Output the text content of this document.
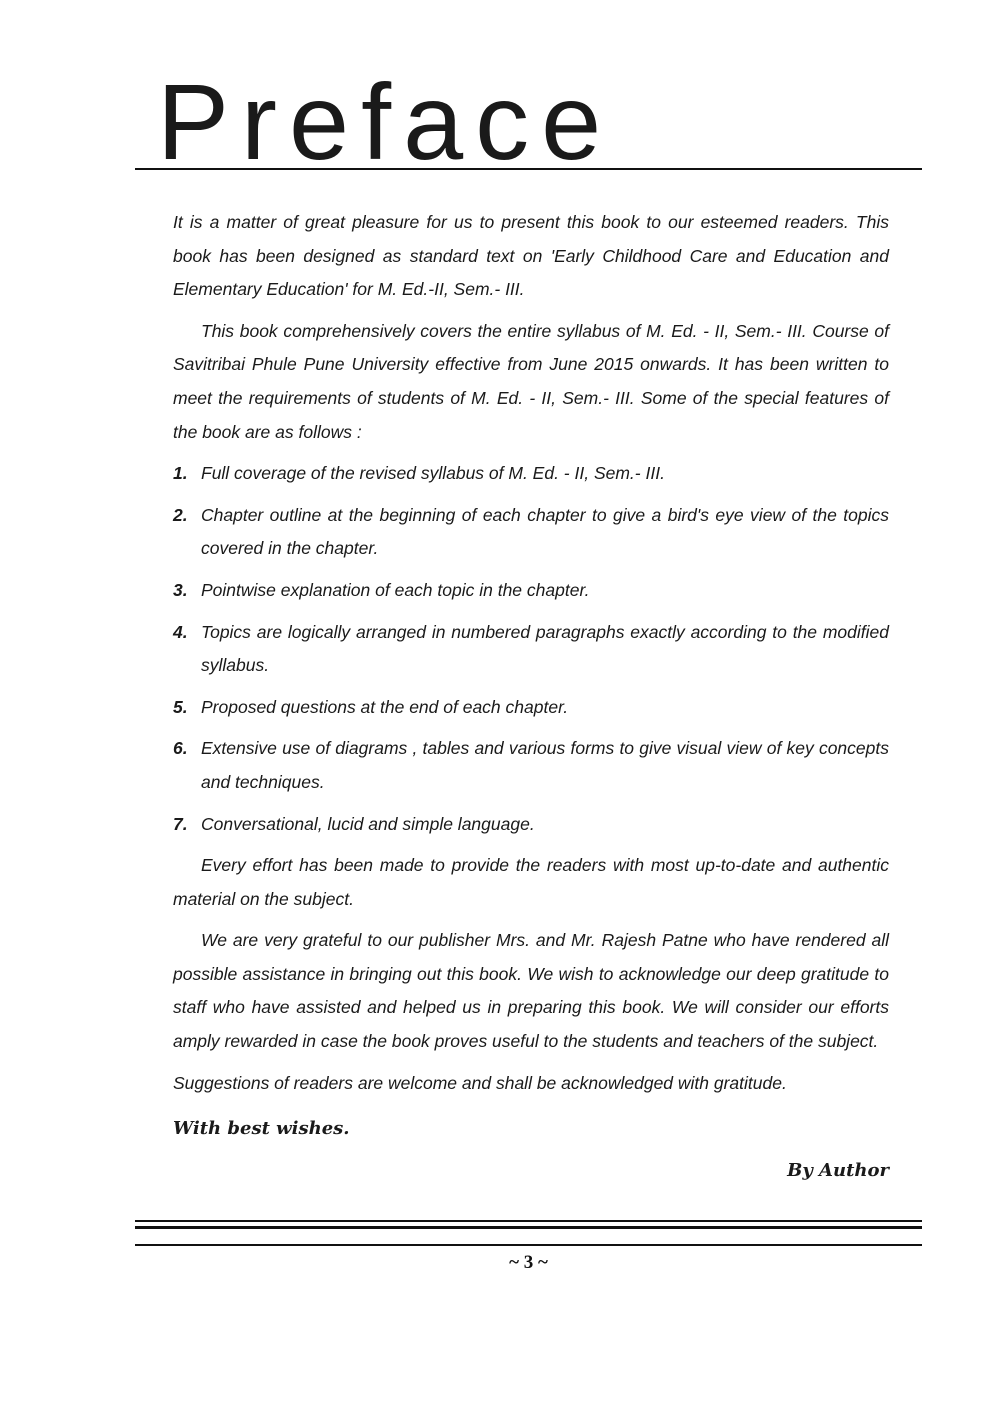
Preface

It is a matter of great pleasure for us to present this book to our esteemed readers. This book has been designed as standard text on 'Early Childhood Care and Education and Elementary Education' for M. Ed.-II, Sem.- III.

This book comprehensively covers the entire syllabus of M. Ed. - II, Sem.- III. Course of Savitribai Phule Pune University effective from June 2015 onwards. It has been written to meet the requirements of students of M. Ed. - II, Sem.- III. Some of the special features of the book are as follows :

1. Full coverage of the revised syllabus of M. Ed. - II, Sem.- III.
2. Chapter outline at the beginning of each chapter to give a bird's eye view of the topics covered in the chapter.
3. Pointwise explanation of each topic in the chapter.
4. Topics are logically arranged in numbered paragraphs exactly according to the modified syllabus.
5. Proposed questions at the end of each chapter.
6. Extensive use of diagrams , tables and various forms to give visual view of key concepts and techniques.
7. Conversational, lucid and simple language.

Every effort has been made to provide the readers with most up-to-date and authentic material on the subject.

We are very grateful to our publisher Mrs. and Mr. Rajesh Patne who have rendered all possible assistance in bringing out this book. We wish to acknowledge our deep gratitude to staff who have assisted and helped us in preparing this book. We will consider our efforts amply rewarded in case the book proves useful to the students and teachers of the subject.

Suggestions of readers are welcome and shall be acknowledged with gratitude.

With best wishes.

By Author

~ 3 ~
